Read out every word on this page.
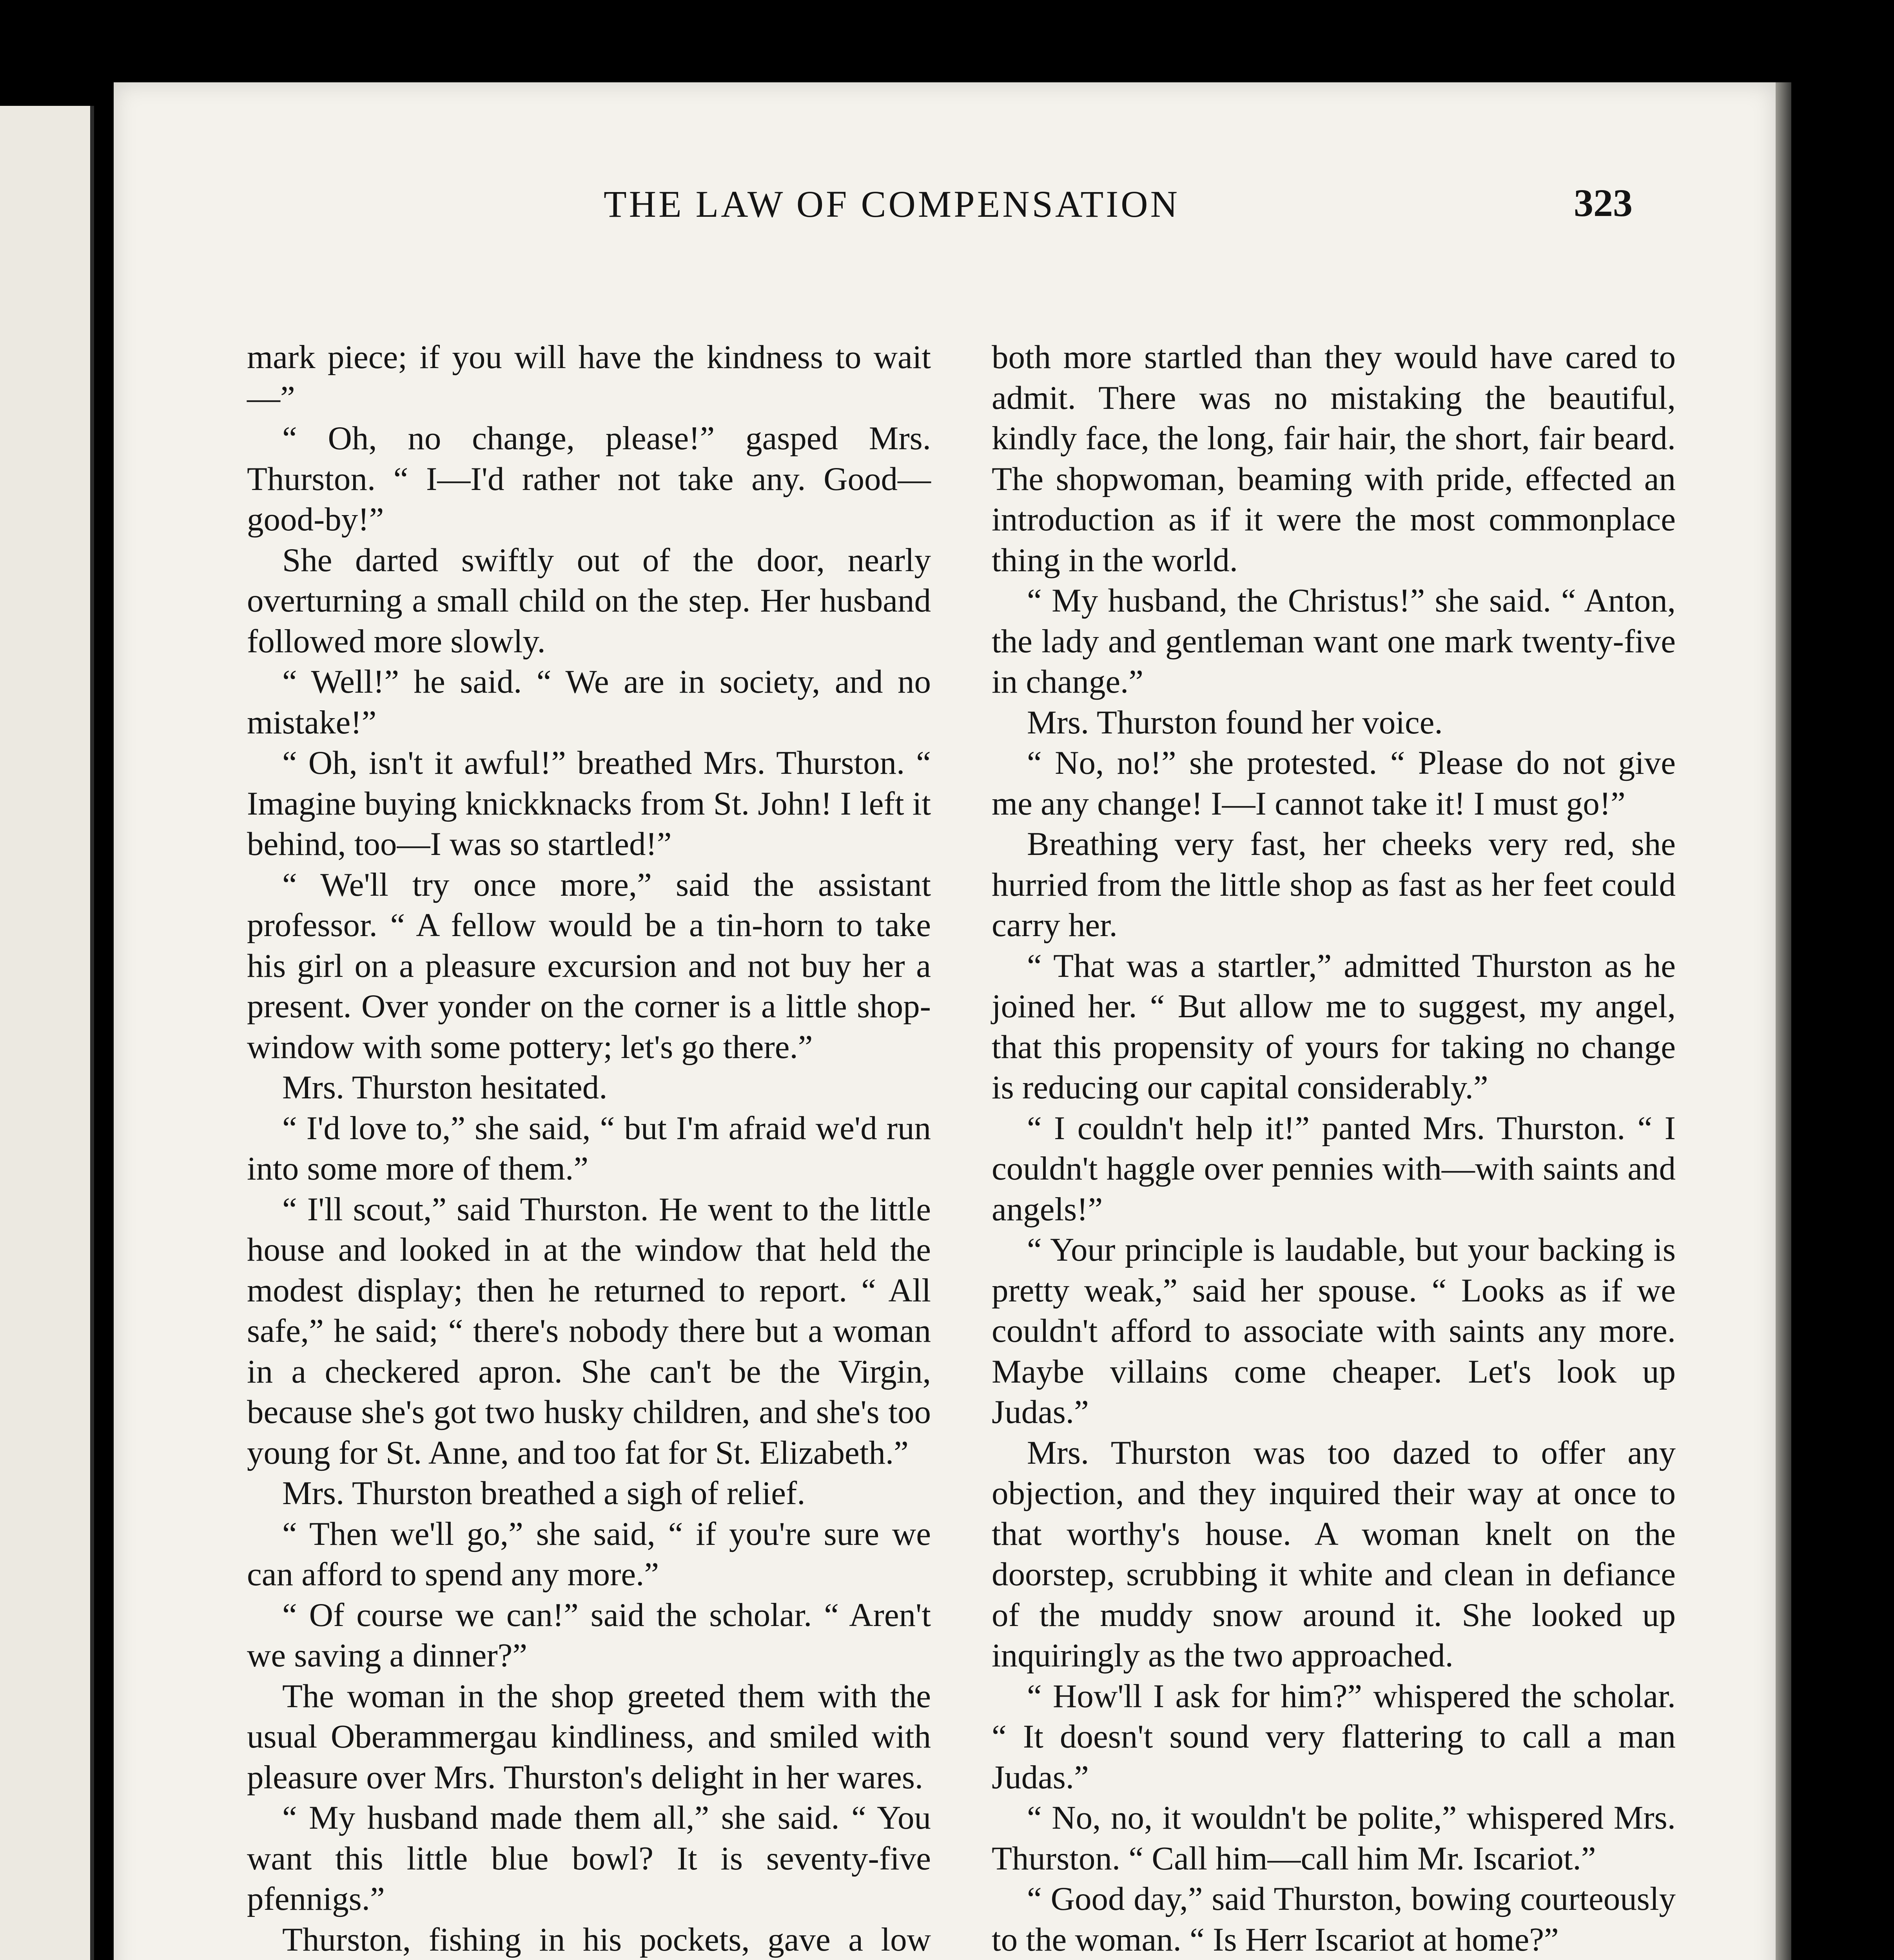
THE LAW OF COMPENSATION	323

mark piece; if you will have the kindness to wait—”

“ Oh, no change, please!” gasped Mrs. Thurston. “ I—I'd rather not take any. Good—good-by!”

She darted swiftly out of the door, nearly overturning a small child on the step. Her husband followed more slowly.

“ Well!” he said. “ We are in society, and no mistake!”

“ Oh, isn't it awful!” breathed Mrs. Thurston. “ Imagine buying knickknacks from St. John! I left it behind, too—I was so startled!”

“ We'll try once more,” said the assistant professor. “ A fellow would be a tin-horn to take his girl on a pleasure excursion and not buy her a present. Over yonder on the corner is a little shop-window with some pottery; let's go there.”

Mrs. Thurston hesitated.

“ I'd love to,” she said, “ but I'm afraid we'd run into some more of them.”

“ I'll scout,” said Thurston. He went to the little house and looked in at the window that held the modest display; then he returned to report. “ All safe,” he said; “ there's nobody there but a woman in a checkered apron. She can't be the Virgin, because she's got two husky children, and she's too young for St. Anne, and too fat for St. Elizabeth.”

Mrs. Thurston breathed a sigh of relief.

“ Then we'll go,” she said, “ if you're sure we can afford to spend any more.”

“ Of course we can!” said the scholar. “ Aren't we saving a dinner?”

The woman in the shop greeted them with the usual Oberammergau kindliness, and smiled with pleasure over Mrs. Thurston's delight in her wares.

“ My husband made them all,” she said. “ You want this little blue bowl? It is seventy-five pfennigs.”

Thurston, fishing in his pockets, gave a low

both more startled than they would have cared to admit. There was no mistaking the beautiful, kindly face, the long, fair hair, the short, fair beard. The shopwoman, beaming with pride, effected an introduction as if it were the most commonplace thing in the world.

“ My husband, the Christus!” she said. “ Anton, the lady and gentleman want one mark twenty-five in change.”

Mrs. Thurston found her voice.

“ No, no!” she protested. “ Please do not give me any change! I—I cannot take it! I must go!”

Breathing very fast, her cheeks very red, she hurried from the little shop as fast as her feet could carry her.

“ That was a startler,” admitted Thurston as he joined her. “ But allow me to suggest, my angel, that this propensity of yours for taking no change is reducing our capital considerably.”

“ I couldn't help it!” panted Mrs. Thurston. “ I couldn't haggle over pennies with—with saints and angels!”

“ Your principle is laudable, but your backing is pretty weak,” said her spouse. “ Looks as if we couldn't afford to associate with saints any more. Maybe villains come cheaper. Let's look up Judas.”

Mrs. Thurston was too dazed to offer any objection, and they inquired their way at once to that worthy's house. A woman knelt on the doorstep, scrubbing it white and clean in defiance of the muddy snow around it. She looked up inquiringly as the two approached.

“ How'll I ask for him?” whispered the scholar. “ It doesn't sound very flattering to call a man Judas.”

“ No, no, it wouldn't be polite,” whispered Mrs. Thurston. “ Call him—call him Mr. Iscariot.”

“ Good day,” said Thurston, bowing courteously to the woman. “ Is Herr Iscariot at home?”
